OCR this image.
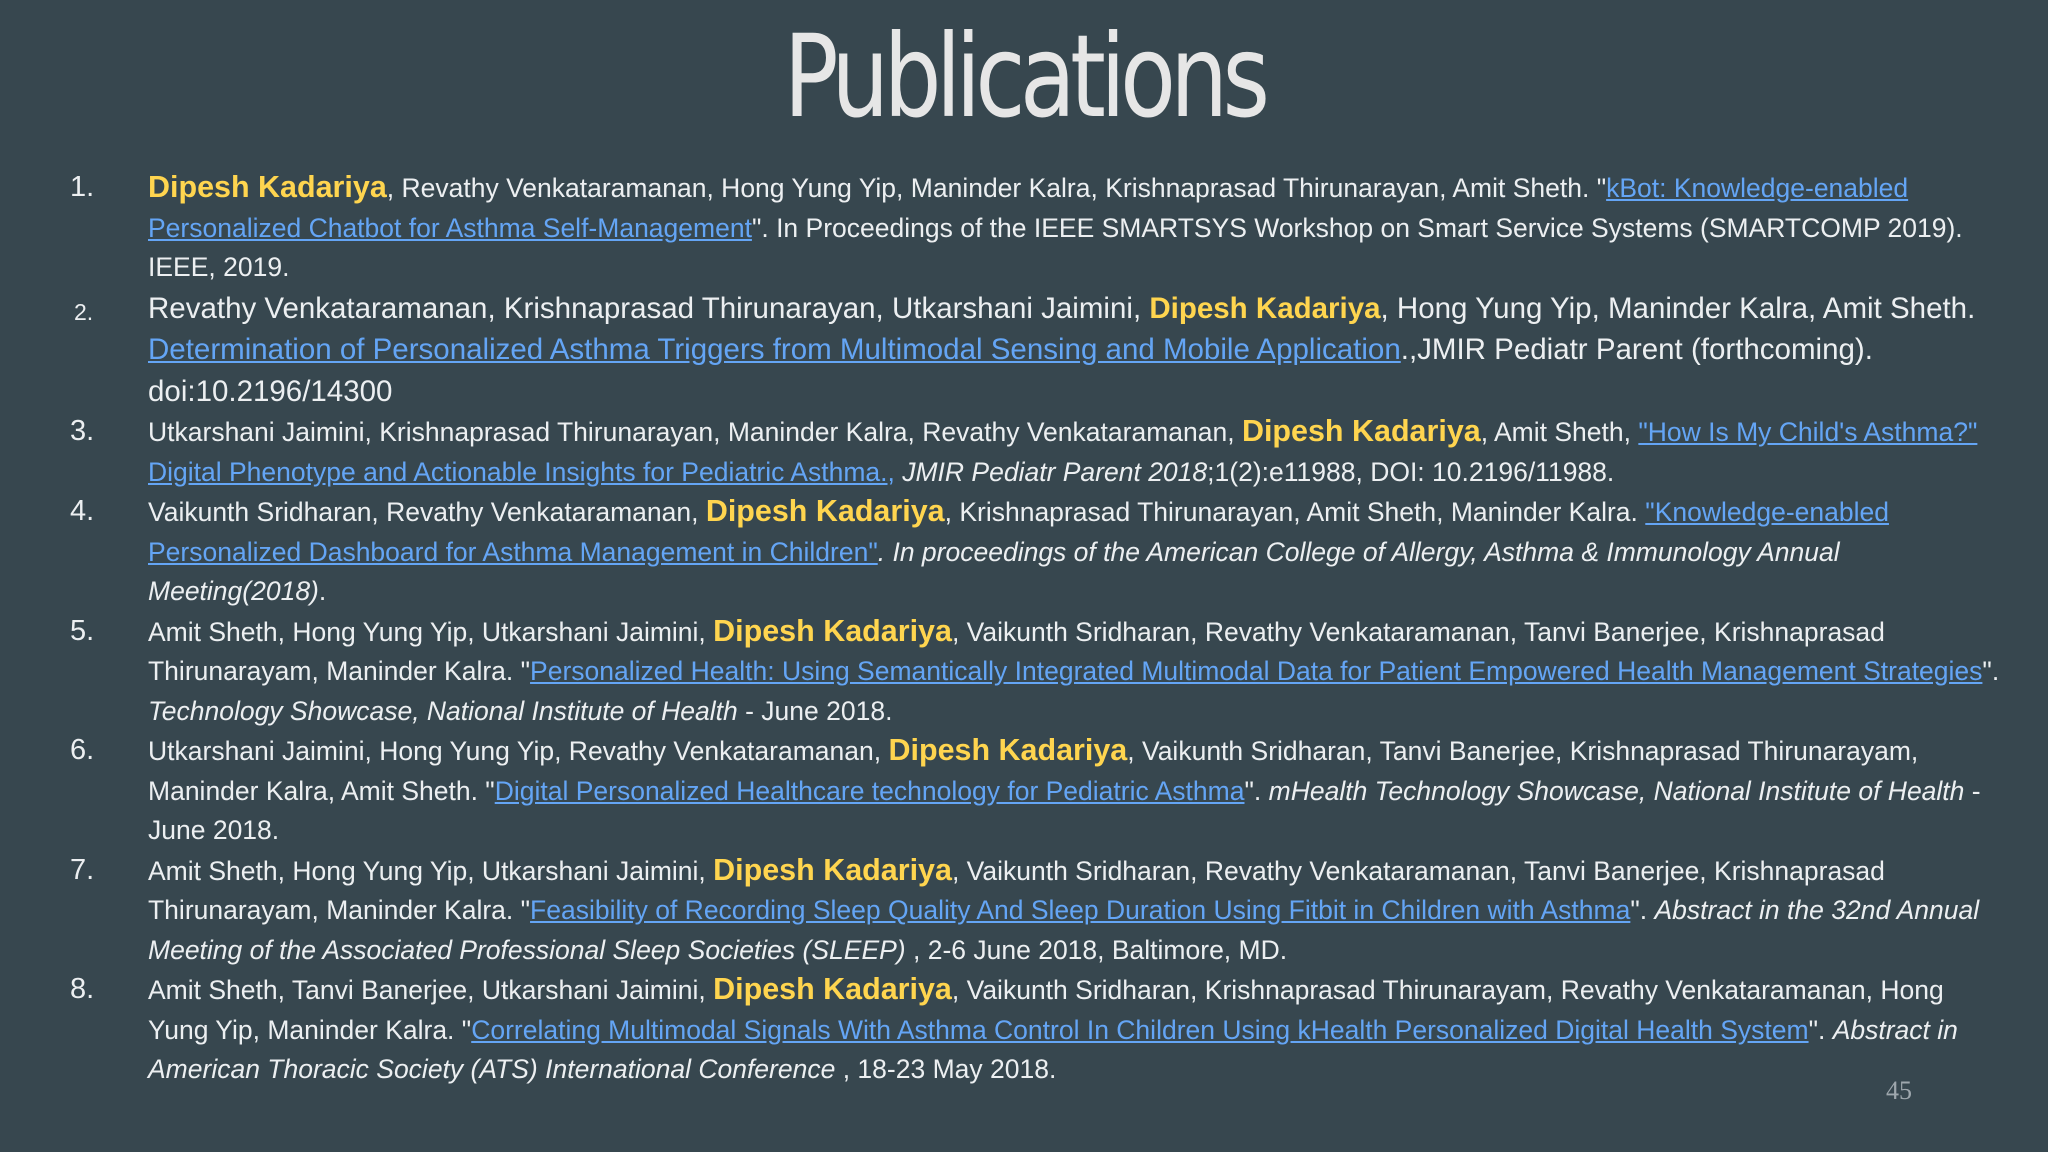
Publications
1. Dipesh Kadariya, Revathy Venkataramanan, Hong Yung Yip, Maninder Kalra, Krishnaprasad Thirunarayan, Amit Sheth. "kBot: Knowledge-enabled Personalized Chatbot for Asthma Self-Management". In Proceedings of the IEEE SMARTSYS Workshop on Smart Service Systems (SMARTCOMP 2019). IEEE, 2019.
2. Revathy Venkataramanan, Krishnaprasad Thirunarayan, Utkarshani Jaimini, Dipesh Kadariya, Hong Yung Yip, Maninder Kalra, Amit Sheth. Determination of Personalized Asthma Triggers from Multimodal Sensing and Mobile Application.,JMIR Pediatr Parent (forthcoming). doi:10.2196/14300
3. Utkarshani Jaimini, Krishnaprasad Thirunarayan, Maninder Kalra, Revathy Venkataramanan, Dipesh Kadariya, Amit Sheth, "How Is My Child's Asthma?" Digital Phenotype and Actionable Insights for Pediatric Asthma., JMIR Pediatr Parent 2018;1(2):e11988, DOI: 10.2196/11988.
4. Vaikunth Sridharan, Revathy Venkataramanan, Dipesh Kadariya, Krishnaprasad Thirunarayan, Amit Sheth, Maninder Kalra. "Knowledge-enabled Personalized Dashboard for Asthma Management in Children". In proceedings of the American College of Allergy, Asthma & Immunology Annual Meeting(2018).
5. Amit Sheth, Hong Yung Yip, Utkarshani Jaimini, Dipesh Kadariya, Vaikunth Sridharan, Revathy Venkataramanan, Tanvi Banerjee, Krishnaprasad Thirunarayam, Maninder Kalra. "Personalized Health: Using Semantically Integrated Multimodal Data for Patient Empowered Health Management Strategies". Technology Showcase, National Institute of Health - June 2018.
6. Utkarshani Jaimini, Hong Yung Yip, Revathy Venkataramanan, Dipesh Kadariya, Vaikunth Sridharan, Tanvi Banerjee, Krishnaprasad Thirunarayam, Maninder Kalra, Amit Sheth. "Digital Personalized Healthcare technology for Pediatric Asthma". mHealth Technology Showcase, National Institute of Health - June 2018.
7. Amit Sheth, Hong Yung Yip, Utkarshani Jaimini, Dipesh Kadariya, Vaikunth Sridharan, Revathy Venkataramanan, Tanvi Banerjee, Krishnaprasad Thirunarayam, Maninder Kalra. "Feasibility of Recording Sleep Quality And Sleep Duration Using Fitbit in Children with Asthma". Abstract in the 32nd Annual Meeting of the Associated Professional Sleep Societies (SLEEP) , 2-6 June 2018, Baltimore, MD.
8. Amit Sheth, Tanvi Banerjee, Utkarshani Jaimini, Dipesh Kadariya, Vaikunth Sridharan, Krishnaprasad Thirunarayam, Revathy Venkataramanan, Hong Yung Yip, Maninder Kalra. "Correlating Multimodal Signals With Asthma Control In Children Using kHealth Personalized Digital Health System". Abstract in American Thoracic Society (ATS) International Conference , 18-23 May 2018.
45
